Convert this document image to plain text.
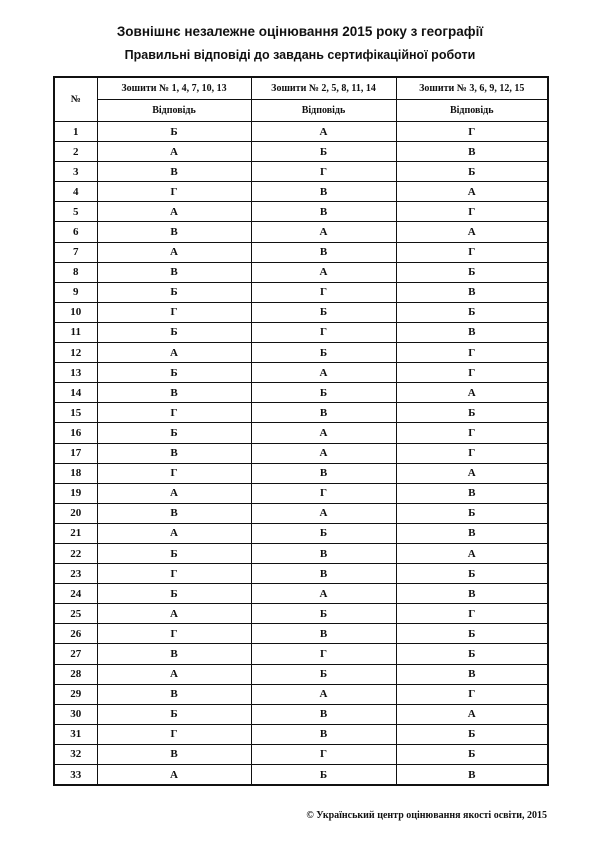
Зовнішнє незалежне оцінювання 2015 року з географії
Правильні відповіді до завдань сертифікаційної роботи
№	Зошити № 1, 4, 7, 10, 13	Зошити № 2, 5, 8, 11, 14	Зошити № 3, 6, 9, 12, 15
	Відповідь	Відповідь	Відповідь
1	Б	А	Г
2	А	Б	В
3	В	Г	Б
4	Г	В	А
5	А	В	Г
6	В	А	А
7	А	В	Г
8	В	А	Б
9	Б	Г	В
10	Г	Б	Б
11	Б	Г	В
12	А	Б	Г
13	Б	А	Г
14	В	Б	А
15	Г	В	Б
16	Б	А	Г
17	В	А	Г
18	Г	В	А
19	А	Г	В
20	В	А	Б
21	А	Б	В
22	Б	В	А
23	Г	В	Б
24	Б	А	В
25	А	Б	Г
26	Г	В	Б
27	В	Г	Б
28	А	Б	В
29	В	А	Г
30	Б	В	А
31	Г	В	Б
32	В	Г	Б
33	А	Б	В
© Український центр оцінювання якості освіти, 2015
